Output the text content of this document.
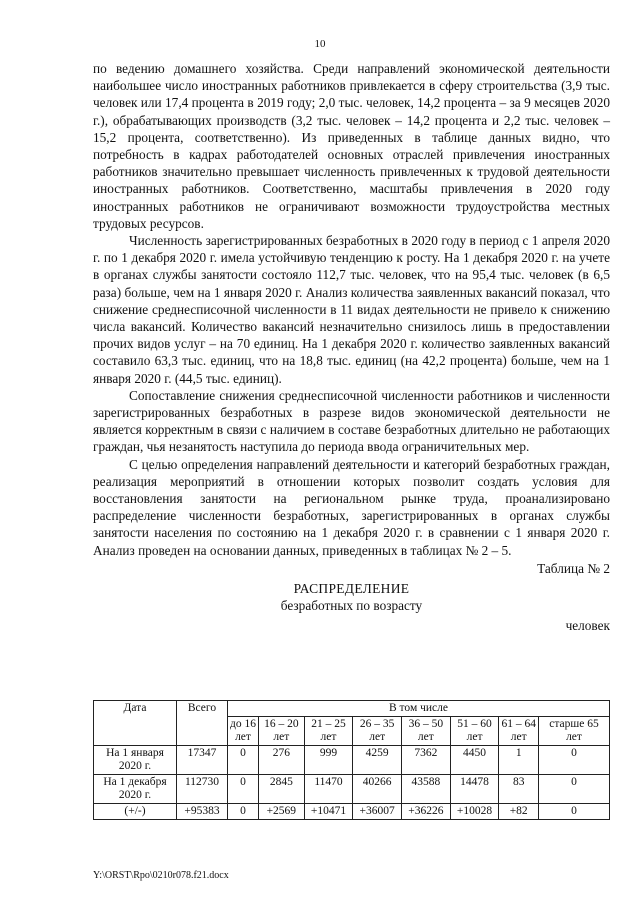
10

по ведению домашнего хозяйства. Среди направлений экономической деятельности наибольшее число иностранных работников привлекается в сферу строительства (3,9 тыс. человек или 17,4 процента в 2019 году; 2,0 тыс. человек, 14,2 процента – за 9 месяцев 2020 г.), обрабатывающих производств (3,2 тыс. человек – 14,2 процента и 2,2 тыс. человек – 15,2 процента, соответственно). Из приведенных в таблице данных видно, что потребность в кадрах работодателей основных отраслей привлечения иностранных работников значительно превышает численность привлеченных к трудовой деятельности иностранных работников. Соответственно, масштабы привлечения в 2020 году иностранных работников не ограничивают возможности трудоустройства местных трудовых ресурсов.

Численность зарегистрированных безработных в 2020 году в период с 1 апреля 2020 г. по 1 декабря 2020 г. имела устойчивую тенденцию к росту. На 1 декабря 2020 г. на учете в органах службы занятости состояло 112,7 тыс. человек, что на 95,4 тыс. человек (в 6,5 раза) больше, чем на 1 января 2020 г. Анализ количества заявленных вакансий показал, что снижение среднесписочной численности в 11 видах деятельности не привело к снижению числа вакансий. Количество вакансий незначительно снизилось лишь в предоставлении прочих видов услуг – на 70 единиц. На 1 декабря 2020 г. количество заявленных вакансий составило 63,3 тыс. единиц, что на 18,8 тыс. единиц (на 42,2 процента) больше, чем на 1 января 2020 г. (44,5 тыс. единиц).

Сопоставление снижения среднесписочной численности работников и численности зарегистрированных безработных в разрезе видов экономической деятельности не является корректным в связи с наличием в составе безработных длительно не работающих граждан, чья незанятость наступила до периода ввода ограничительных мер.

С целью определения направлений деятельности и категорий безработных граждан, реализация мероприятий в отношении которых позволит создать условия для восстановления занятости на региональном рынке труда, проанализировано распределение численности безработных, зарегистрированных в органах службы занятости населения по состоянию на 1 декабря 2020 г. в сравнении с 1 января 2020 г. Анализ проведен на основании данных, приведенных в таблицах № 2 – 5.

Таблица № 2
РАСПРЕДЕЛЕНИЕ
безработных по возрасту
человек
Дата	Всего	В том числе							
		до 16 лет	16 – 20 лет	21 – 25 лет	26 – 35 лет	36 – 50 лет	51 – 60 лет	61 – 64 лет	старше 65 лет
На 1 января 2020 г.	17347	0	276	999	4259	7362	4450	1	0
На 1 декабря 2020 г.	112730	0	2845	11470	40266	43588	14478	83	0
(+/-)	+95383	0	+2569	+10471	+36007	+36226	+10028	+82	0
Y:\ORST\Rpo\0210r078.f21.docx
